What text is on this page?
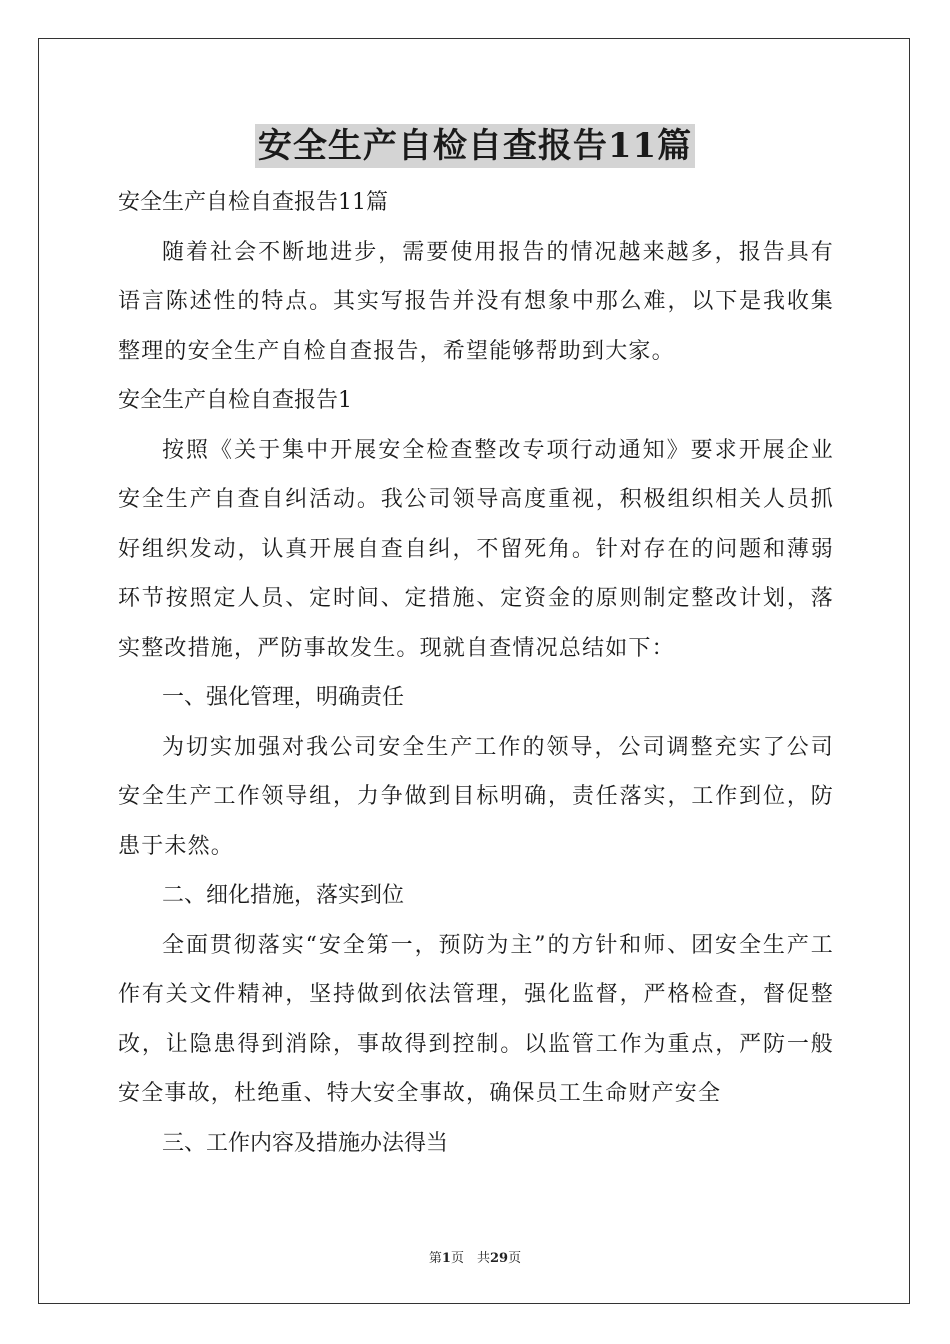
安全生产自检自查报告11篇
安全生产自检自查报告11篇
随着社会不断地进步，需要使用报告的情况越来越多，报告具有语言陈述性的特点。其实写报告并没有想象中那么难，以下是我收集整理的安全生产自检自查报告，希望能够帮助到大家。
安全生产自检自查报告1
按照《关于集中开展安全检查整改专项行动通知》要求开展企业安全生产自查自纠活动。我公司领导高度重视，积极组织相关人员抓好组织发动，认真开展自查自纠，不留死角。针对存在的问题和薄弱环节按照定人员、定时间、定措施、定资金的原则制定整改计划，落实整改措施，严防事故发生。现就自查情况总结如下：
一、强化管理，明确责任
为切实加强对我公司安全生产工作的领导，公司调整充实了公司安全生产工作领导组，力争做到目标明确，责任落实，工作到位，防患于未然。
二、细化措施，落实到位
全面贯彻落实“安全第一，预防为主”的方针和师、团安全生产工作有关文件精神，坚持做到依法管理，强化监督，严格检查，督促整改，让隐患得到消除，事故得到控制。以监管工作为重点，严防一般安全事故，杜绝重、特大安全事故，确保员工生命财产安全
三、工作内容及措施办法得当
第1页　共29页
